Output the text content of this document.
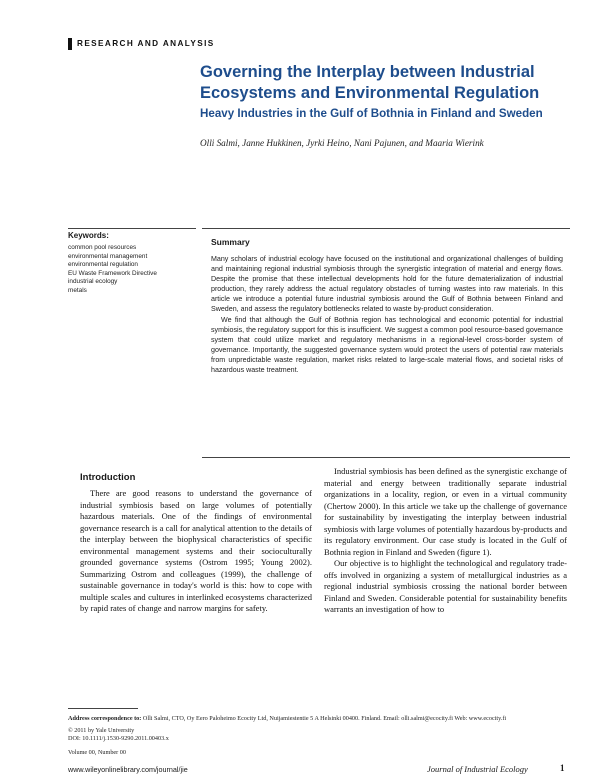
RESEARCH AND ANALYSIS
Governing the Interplay between Industrial Ecosystems and Environmental Regulation
Heavy Industries in the Gulf of Bothnia in Finland and Sweden
Olli Salmi, Janne Hukkinen, Jyrki Heino, Nani Pajunen, and Maaria Wierink
Keywords:
common pool resources
environmental management
environmental regulation
EU Waste Framework Directive
industrial ecology
metals
Summary

Many scholars of industrial ecology have focused on the institutional and organizational challenges of building and maintaining regional industrial symbiosis through the synergistic integration of material and energy flows. Despite the promise that these intellectual developments hold for the future dematerialization of industrial production, they rarely address the actual regulatory obstacles of turning wastes into raw materials. In this article we introduce a potential future industrial symbiosis around the Gulf of Bothnia between Finland and Sweden, and assess the regulatory bottlenecks related to waste by-product consideration.

We find that although the Gulf of Bothnia region has technological and economic potential for industrial symbiosis, the regulatory support for this is insufficient. We suggest a common pool resource-based governance system that could utilize market and regulatory mechanisms in a regional-level cross-border system of governance. Importantly, the suggested governance system would protect the users of potential raw materials from unpredictable waste regulation, market risks related to large-scale material flows, and societal risks of hazardous waste treatment.

Introduction

There are good reasons to understand the governance of industrial symbiosis based on large volumes of potentially hazardous materials. One of the findings of environmental governance research is a call for analytical attention to the details of the interplay between the biophysical characteristics of specific environmental management systems and their socioculturally grounded governance systems (Ostrom 1995; Young 2002). Summarizing Ostrom and colleagues (1999), the challenge of sustainable governance in today's world is this: how to cope with multiple scales and cultures in interlinked ecosystems characterized by rapid rates of change and narrow margins for safety.

Industrial symbiosis has been defined as the synergistic exchange of material and energy between traditionally separate industrial organizations in a locality, region, or even in a virtual community (Chertow 2000). In this article we take up the challenge of governance for sustainability by investigating the interplay between industrial symbiosis with large volumes of potentially hazardous by-products and its regulatory environment. Our case study is located in the Gulf of Bothnia region in Finland and Sweden (figure 1).

Our objective is to highlight the technological and regulatory trade-offs involved in organizing a system of metallurgical industries as a regional industrial symbiosis crossing the national border between Finland and Sweden. Considerable potential for sustainability benefits warrants an investigation of how to

Address correspondence to: Olli Salmi, CTO, Oy Eero Paloheimo Ecocity Ltd, Nuijamiestentie 5 A Helsinki 00400. Finland. Email: olli.salmi@ecocity.fi Web: www.ecocity.fi
© 2011 by Yale University
DOI: 10.1111/j.1530-9290.2011.00403.x
Volume 00, Number 00
www.wileyonlinelibrary.com/journal/jie	Journal of Industrial Ecology	1
